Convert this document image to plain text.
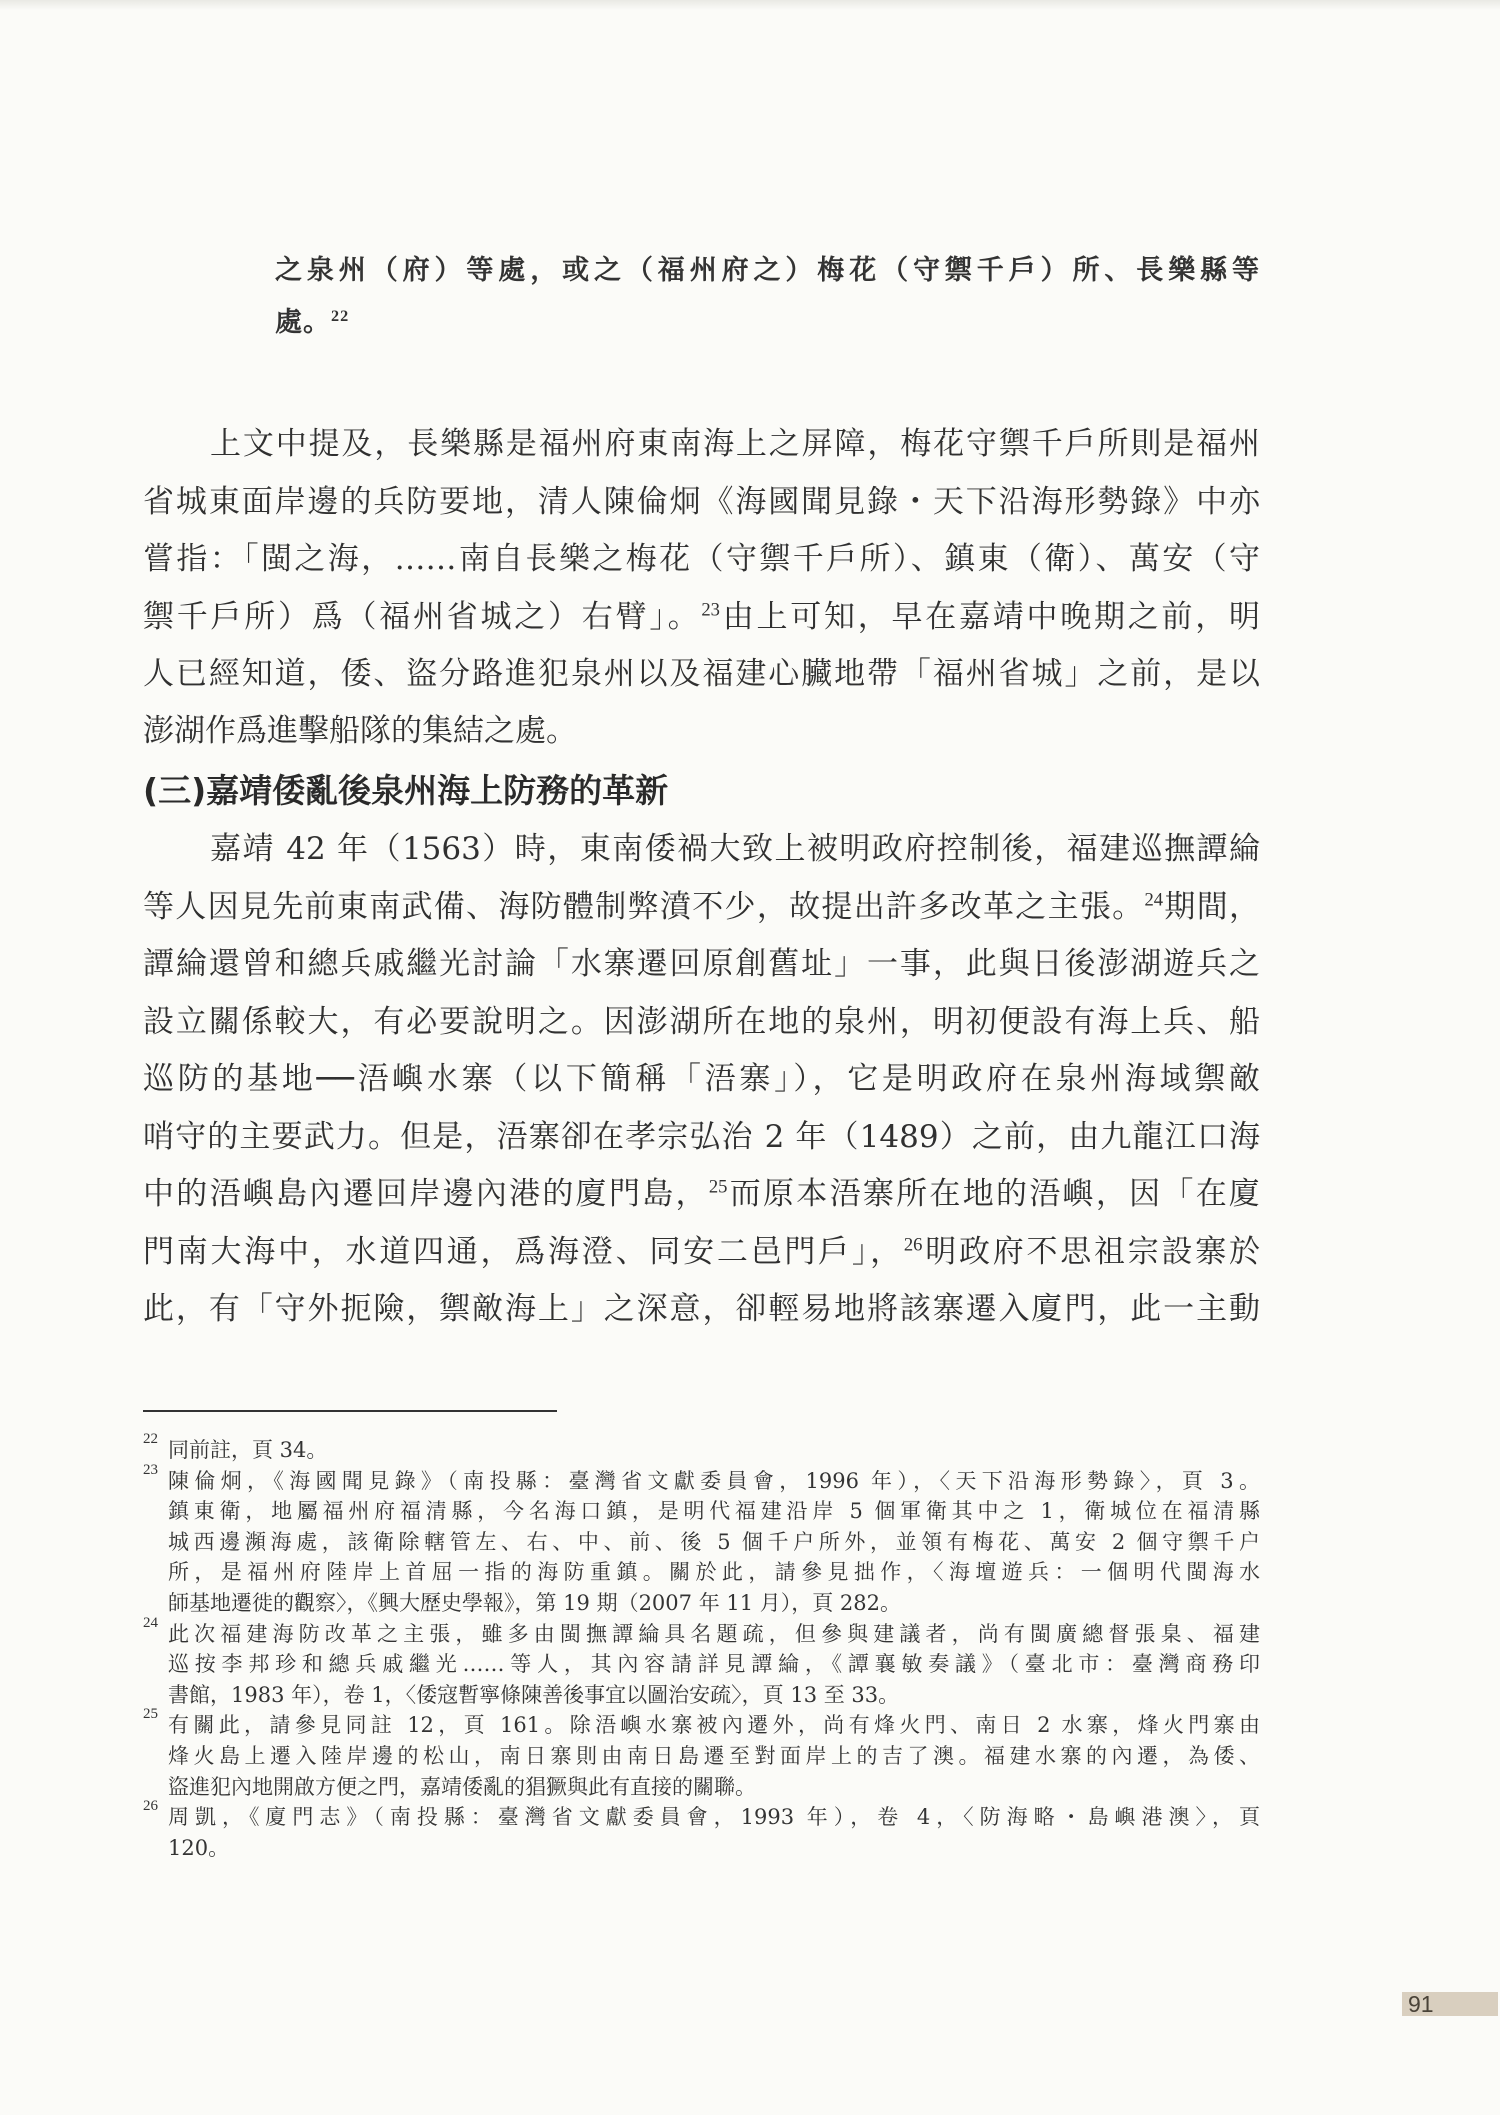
之泉州（府）等處，或之（福州府之）梅花（守禦千戶）所、長樂縣等
處。$^{22}$
上文中提及，長樂縣是福州府東南海上之屏障，梅花守禦千戶所則是福州
省城東面岸邊的兵防要地，清人陳倫炯《海國聞見錄・天下沿海形勢錄》中亦
嘗指：「閩之海，……南自長樂之梅花（守禦千戶所）、鎮東（衛）、萬安（守
禦千戶所）爲（福州省城之）右臂」。$^{23}$由上可知，早在嘉靖中晚期之前，明
人已經知道，倭、盜分路進犯泉州以及福建心臟地帶「福州省城」之前，是以
澎湖作爲進擊船隊的集結之處。
(三)嘉靖倭亂後泉州海上防務的革新
嘉靖 42 年（1563）時，東南倭禍大致上被明政府控制後，福建巡撫譚綸
等人因見先前東南武備、海防體制弊濆不少，故提出許多改革之主張。$^{24}$期間，
譚綸還曾和總兵戚繼光討論「水寨遷回原創舊址」一事，此與日後澎湖遊兵之
設立關係較大，有必要說明之。因澎湖所在地的泉州，明初便設有海上兵、船
巡防的基地──浯嶼水寨（以下簡稱「浯寨」），它是明政府在泉州海域禦敵
哨守的主要武力。但是，浯寨卻在孝宗弘治 2 年（1489）之前，由九龍江口海
中的浯嶼島內遷回岸邊內港的廈門島，$^{25}$而原本浯寨所在地的浯嶼，因「在廈
門南大海中，水道四通，爲海澄、同安二邑門戶」，$^{26}$明政府不思祖宗設寨於
此，有「守外扼險，禦敵海上」之深意，卻輕易地將該寨遷入廈門，此一主動
22 同前註，頁 34。
23 陳倫炯，《海國聞見錄》（南投縣：臺灣省文獻委員會，1996 年），〈天下沿海形勢錄〉，頁 3。
鎮東衛，地屬福州府福清縣，今名海口鎮，是明代福建沿岸 5 個軍衛其中之 1，衛城位在福清縣
城西邊瀕海處，該衛除轄管左、右、中、前、後 5 個千户所外，並領有梅花、萬安 2 個守禦千户
所，是福州府陸岸上首屈一指的海防重鎮。關於此，請參見拙作，〈海壇遊兵：一個明代閩海水
師基地遷徙的觀察〉，《興大歷史學報》，第 19 期（2007 年 11 月），頁 282。
24 此次福建海防改革之主張，雖多由閩撫譚綸具名題疏，但參與建議者，尚有閩廣總督張臬、福建
巡按李邦珍和總兵戚繼光……等人，其內容請詳見譚綸，《譚襄敏奏議》（臺北市：臺灣商務印
書館，1983 年），卷 1，〈倭寇暫寧條陳善後事宜以圖治安疏〉，頁 13 至 33。
25 有關此，請參見同註 12，頁 161。除浯嶼水寨被內遷外，尚有烽火門、南日 2 水寨，烽火門寨由
烽火島上遷入陸岸邊的松山，南日寨則由南日島遷至對面岸上的吉了澳。福建水寨的內遷，為倭、
盜進犯內地開啟方便之門，嘉靖倭亂的猖獗與此有直接的關聯。
26 周凱，《廈門志》（南投縣：臺灣省文獻委員會，1993 年），卷 4，〈防海略・島嶼港澳〉，頁
120。
91
